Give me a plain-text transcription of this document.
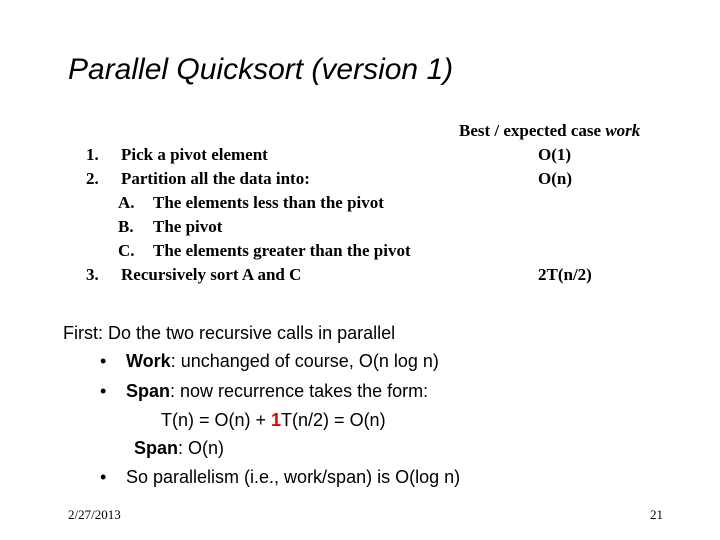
Parallel Quicksort (version 1)
Best / expected case work
1. Pick a pivot element	O(1)
2. Partition all the data into:	O(n)
A. The elements less than the pivot
B. The pivot
C. The elements greater than the pivot
3. Recursively sort A and C	2T(n/2)
First: Do the two recursive calls in parallel
• Work: unchanged of course, O(n log n)
• Span: now recurrence takes the form:
T(n) = O(n) + 1T(n/2) = O(n)
Span: O(n)
• So parallelism (i.e., work/span) is O(log n)
2/27/2013	21
